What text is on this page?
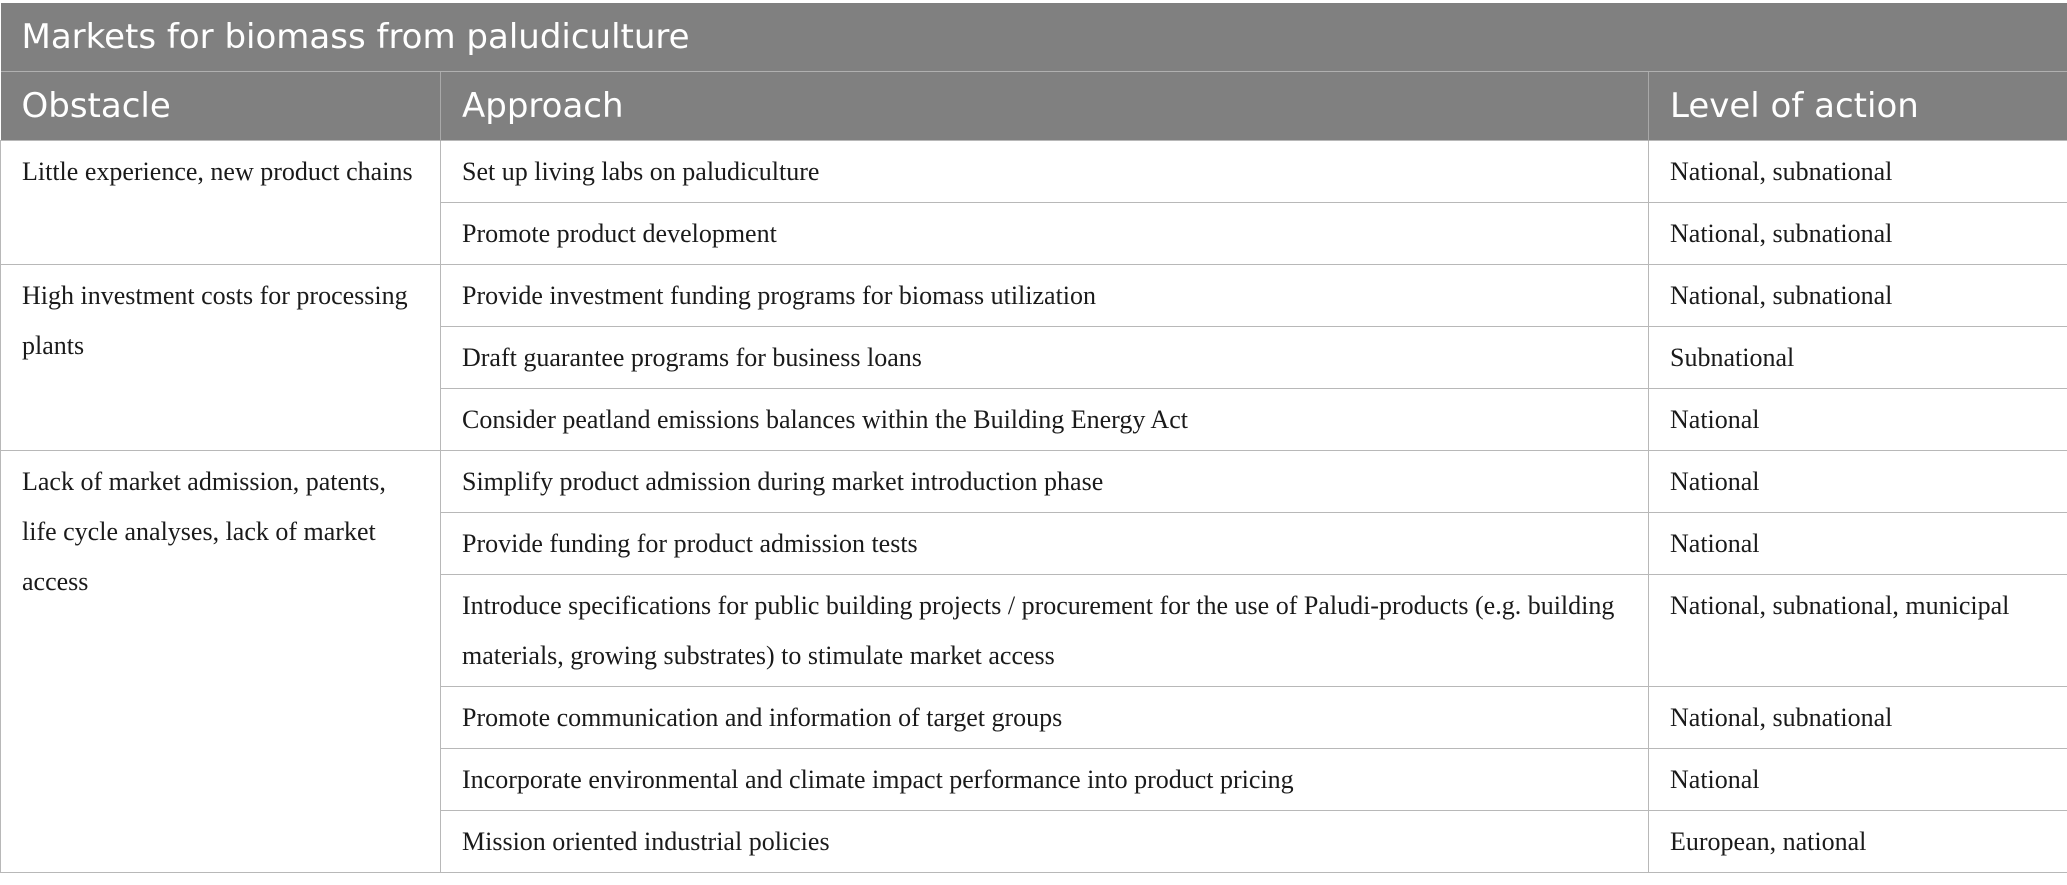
Markets for biomass from paludiculture		
Obstacle	Approach	Level of action
Little experience, new product chains	Set up living labs on paludiculture	National, subnational
	Promote product development	National, subnational
High investment costs for processing plants	Provide investment funding programs for biomass utilization	National, subnational
	Draft guarantee programs for business loans	Subnational
	Consider peatland emissions balances within the Building Energy Act	National
Lack of market admission, patents, life cycle analyses, lack of market access	Simplify product admission during market introduction phase	National
	Provide funding for product admission tests	National
	Introduce specifications for public building projects / procurement for the use of Paludi-products (e.g. building materials, growing substrates) to stimulate market access	National, subnational, municipal
	Promote communication and information of target groups	National, subnational
	Incorporate environmental and climate impact performance into product pricing	National
	Mission oriented industrial policies	European, national
